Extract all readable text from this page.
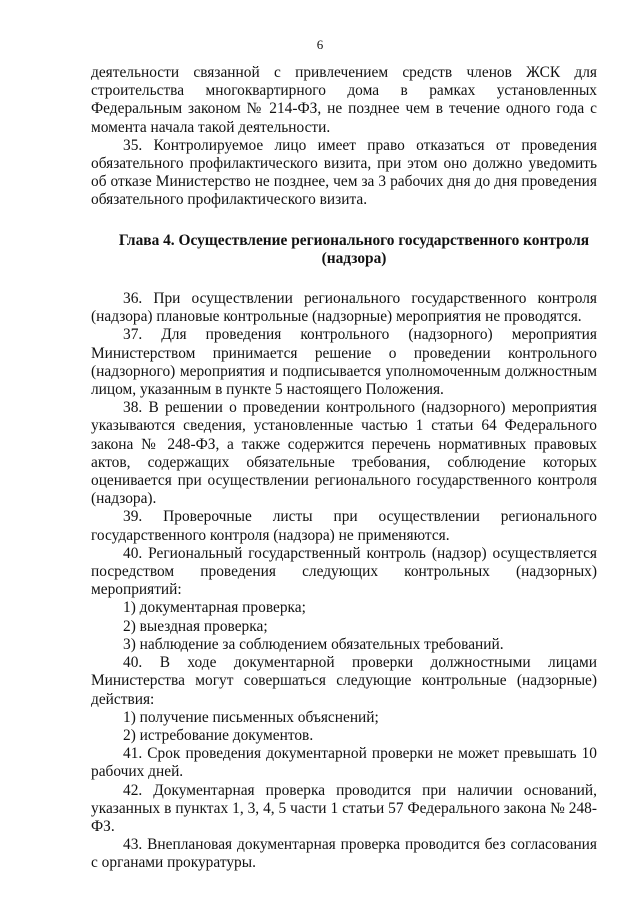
6

деятельности связанной с привлечением средств членов ЖСК для строительства многоквартирного дома в рамках установленных

Федеральным законом № 214-ФЗ, не позднее чем в течение одного года с момента начала такой деятельности.

35. Контролируемое лицо имеет право отказаться от проведения обязательного профилактического визита, при этом оно должно уведомить об отказе Министерство не позднее, чем за 3 рабочих дня до дня проведения обязательного профилактического визита.

Глава 4. Осуществление регионального государственного контроля (надзора)

36. При осуществлении регионального государственного контроля (надзора) плановые контрольные (надзорные) мероприятия не проводятся.

37. Для проведения контрольного (надзорного) мероприятия Министерством принимается решение о проведении контрольного (надзорного) мероприятия и подписывается уполномоченным должностным лицом, указанным в пункте 5 настоящего Положения.

38. В решении о проведении контрольного (надзорного) мероприятия указываются сведения, установленные частью 1 статьи 64 Федерального закона № 248-ФЗ, а также содержится перечень нормативных правовых актов, содержащих обязательные требования, соблюдение которых оценивается при осуществлении регионального государственного контроля (надзора).

39. Проверочные листы при осуществлении регионального государственного контроля (надзора) не применяются.

40. Региональный государственный контроль (надзор) осуществляется посредством проведения следующих контрольных (надзорных) мероприятий:

1) документарная проверка;

2) выездная проверка;

3) наблюдение за соблюдением обязательных требований.

40. В ходе документарной проверки должностными лицами Министерства могут совершаться следующие контрольные (надзорные) действия:

1) получение письменных объяснений;

2) истребование документов.

41. Срок проведения документарной проверки не может превышать 10 рабочих дней.

42. Документарная проверка проводится при наличии оснований, указанных в пунктах 1, 3, 4, 5 части 1 статьи 57 Федерального закона № 248-ФЗ.

43. Внеплановая документарная проверка проводится без согласования с органами прокуратуры.
